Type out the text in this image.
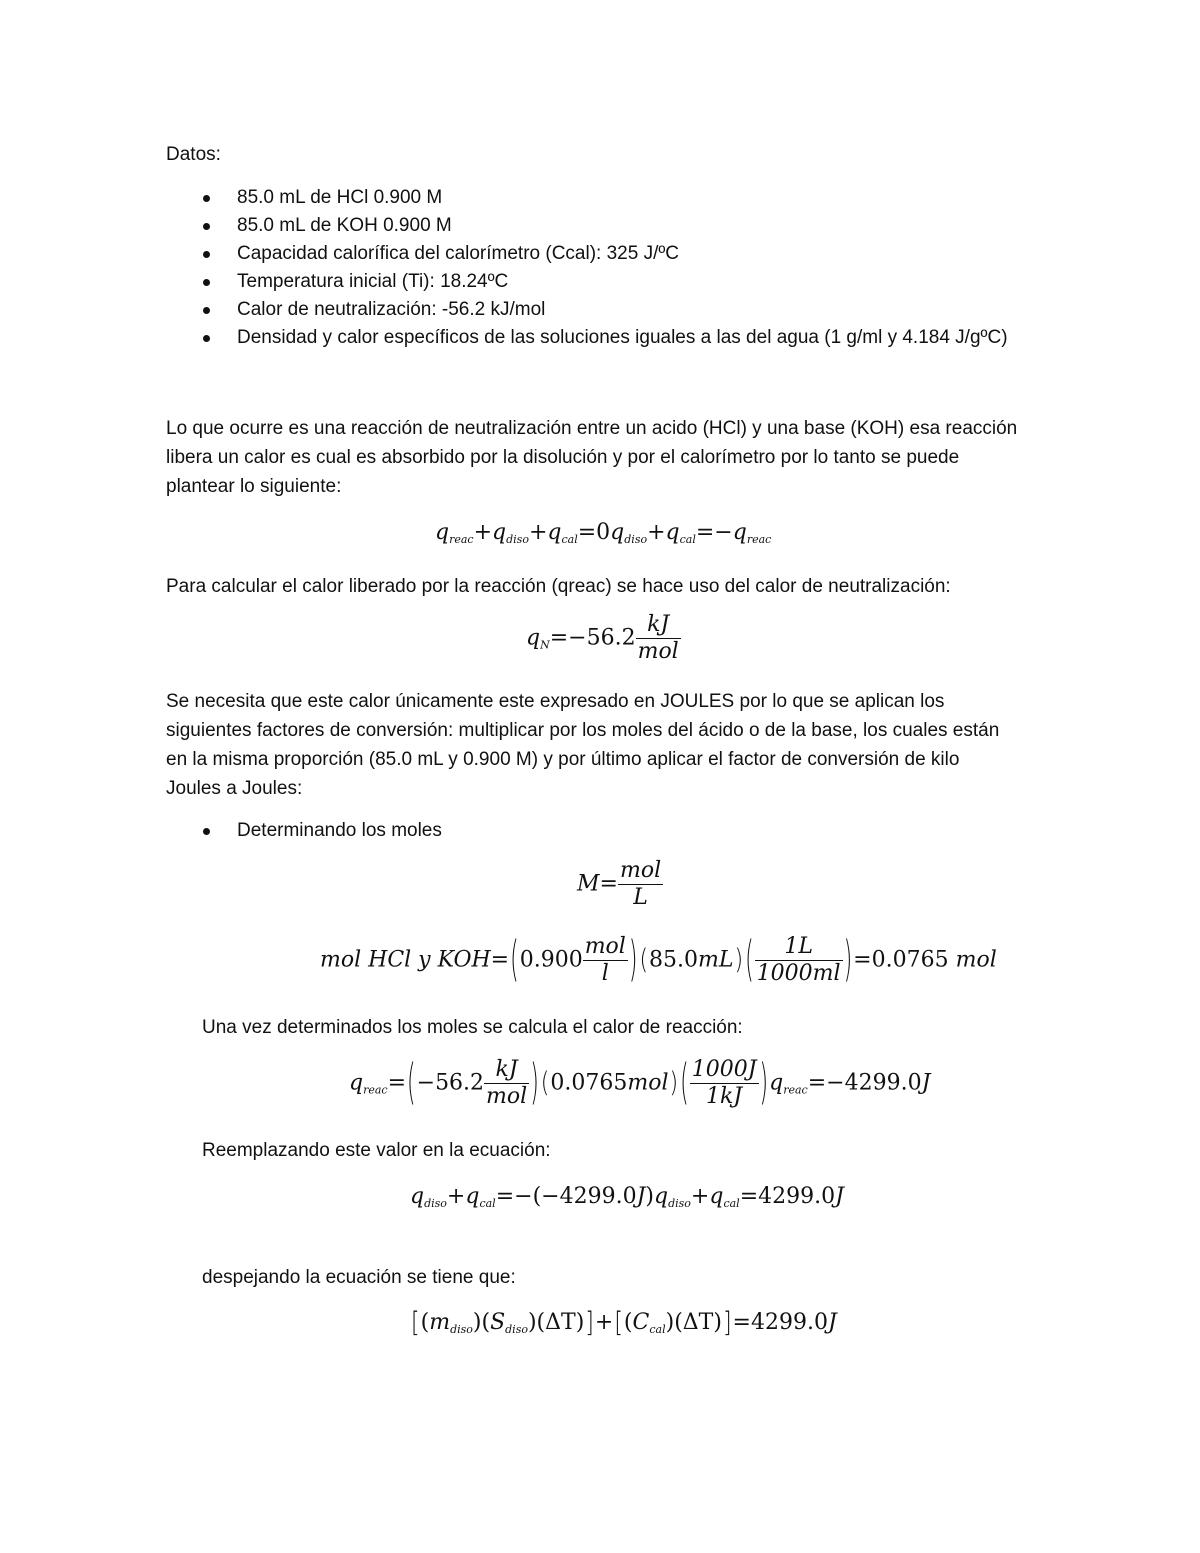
Datos:
85.0 mL de HCl 0.900 M
85.0 mL de KOH 0.900 M
Capacidad calorífica del calorímetro (Ccal): 325 J/ºC
Temperatura inicial (Ti): 18.24ºC
Calor de neutralización: -56.2 kJ/mol
Densidad y calor específicos de las soluciones iguales a las del agua (1 g/ml y 4.184 J/gºC)
Lo que ocurre es una reacción de neutralización entre un acido (HCl) y una base (KOH) esa reacción
libera un calor es cual es absorbido por la disolución y por el calorímetro por lo tanto se puede
plantear lo siguiente:
$q_{reac}+q_{diso}+q_{cal}=0q_{diso}+q_{cal}=-q_{reac}$
Para calcular el calor liberado por la reacción (qreac) se hace uso del calor de neutralización:
$q_N=-56.2 \frac{kJ}{\text{mol}}$
Se necesita que este calor únicamente este expresado en JOULES por lo que se aplican los
siguientes factores de conversión: multiplicar por los moles del ácido o de la base, los cuales están
en la misma proporción (85.0 mL y 0.900 M) y por último aplicar el factor de conversión de kilo
Joules a Joules:
Determinando los moles
$M= \frac{\text{mol}}{L}$
mol HCl y $KOH=(0.900 \frac{\text{mol}}{l} )(85.0mL)( \frac{1L}{1000ml} )=0.0765$ mol
Una vez determinados los moles se calcula el calor de reacción:
$q_{reac}=(-56.2 \frac{kJ}{\text{mol}} )(0.0765mol)( \frac{1000J}{1kJ} )q_{reac}=-4299.0J$
Reemplazando este valor en la ecuación:
$q_{diso}+q_{cal}=-(-4299.0J)q_{diso}+q_{cal}=4299.0J$
despejando la ecuación se tiene que:
$[(m_{diso})(S_{diso})(\Delta T)]+[(C_{cal})(\Delta T)]=4299.0J$
